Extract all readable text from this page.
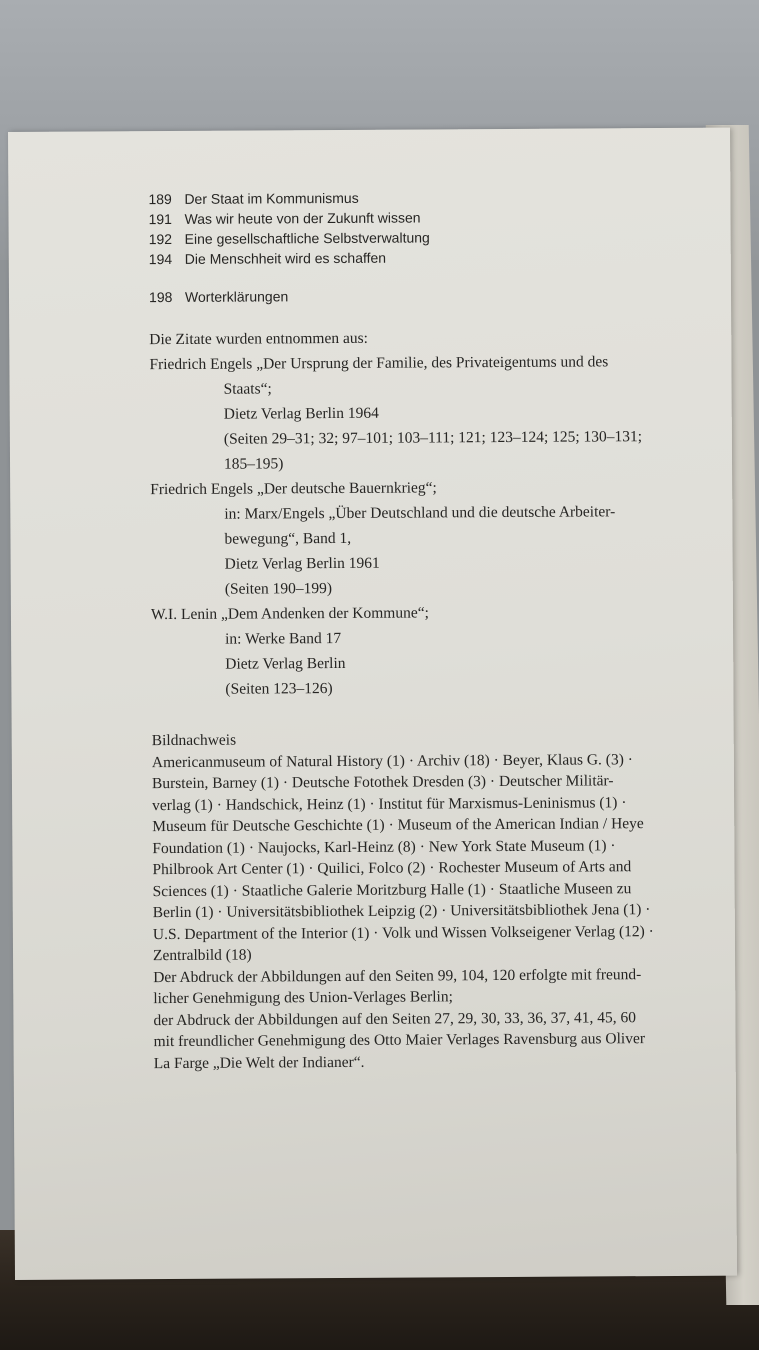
189 Der Staat im Kommunismus
191 Was wir heute von der Zukunft wissen
192 Eine gesellschaftliche Selbstverwaltung
194 Die Menschheit wird es schaffen
198 Worterklärungen
Die Zitate wurden entnommen aus:
Friedrich Engels „Der Ursprung der Familie, des Privateigentums und des
Staats“;
Dietz Verlag Berlin 1964
(Seiten 29–31; 32; 97–101; 103–111; 121; 123–124; 125; 130–131;
185–195)
Friedrich Engels „Der deutsche Bauernkrieg“;
in: Marx/Engels „Über Deutschland und die deutsche Arbeiter-
bewegung“, Band 1,
Dietz Verlag Berlin 1961
(Seiten 190–199)
W.I. Lenin „Dem Andenken der Kommune“;
in: Werke Band 17
Dietz Verlag Berlin
(Seiten 123–126)
Bildnachweis
Americanmuseum of Natural History (1) · Archiv (18) · Beyer, Klaus G. (3) ·
Burstein, Barney (1) · Deutsche Fotothek Dresden (3) · Deutscher Militär-
verlag (1) · Handschick, Heinz (1) · Institut für Marxismus-Leninismus (1) ·
Museum für Deutsche Geschichte (1) · Museum of the American Indian / Heye
Foundation (1) · Naujocks, Karl-Heinz (8) · New York State Museum (1) ·
Philbrook Art Center (1) · Quilici, Folco (2) · Rochester Museum of Arts and
Sciences (1) · Staatliche Galerie Moritzburg Halle (1) · Staatliche Museen zu
Berlin (1) · Universitätsbibliothek Leipzig (2) · Universitätsbibliothek Jena (1) ·
U.S. Department of the Interior (1) · Volk und Wissen Volkseigener Verlag (12) ·
Zentralbild (18)
Der Abdruck der Abbildungen auf den Seiten 99, 104, 120 erfolgte mit freund-
licher Genehmigung des Union-Verlages Berlin;
der Abdruck der Abbildungen auf den Seiten 27, 29, 30, 33, 36, 37, 41, 45, 60
mit freundlicher Genehmigung des Otto Maier Verlages Ravensburg aus Oliver
La Farge „Die Welt der Indianer“.
